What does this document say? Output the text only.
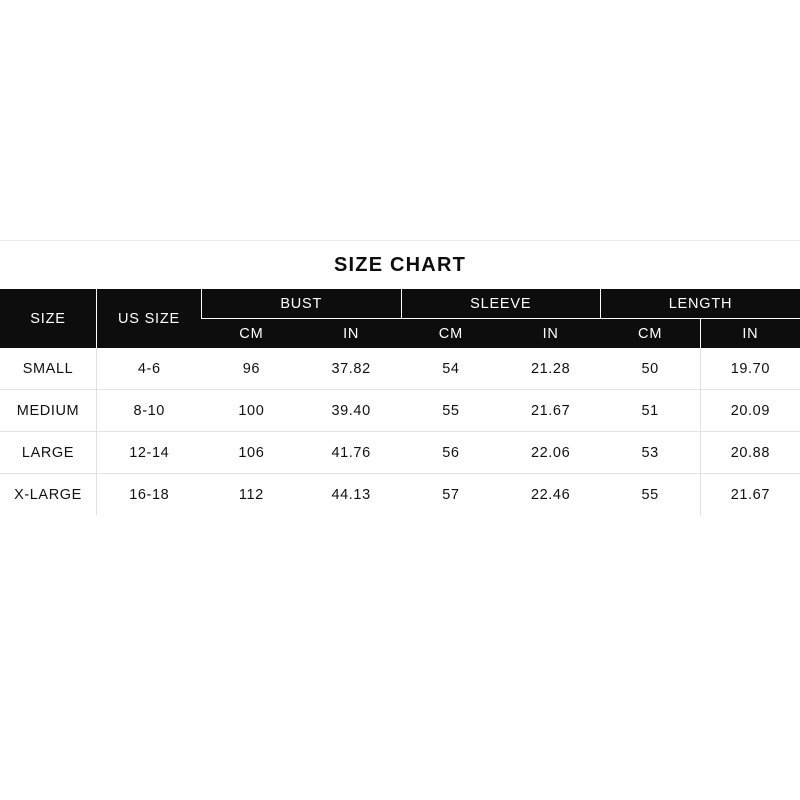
SIZE CHART
SIZE	US SIZE	BUST		SLEEVE		LENGTH	
		CM	IN	CM	IN	CM	IN
SMALL	4-6	96	37.82	54	21.28	50	19.70
MEDIUM	8-10	100	39.40	55	21.67	51	20.09
LARGE	12-14	106	41.76	56	22.06	53	20.88
X-LARGE	16-18	112	44.13	57	22.46	55	21.67
